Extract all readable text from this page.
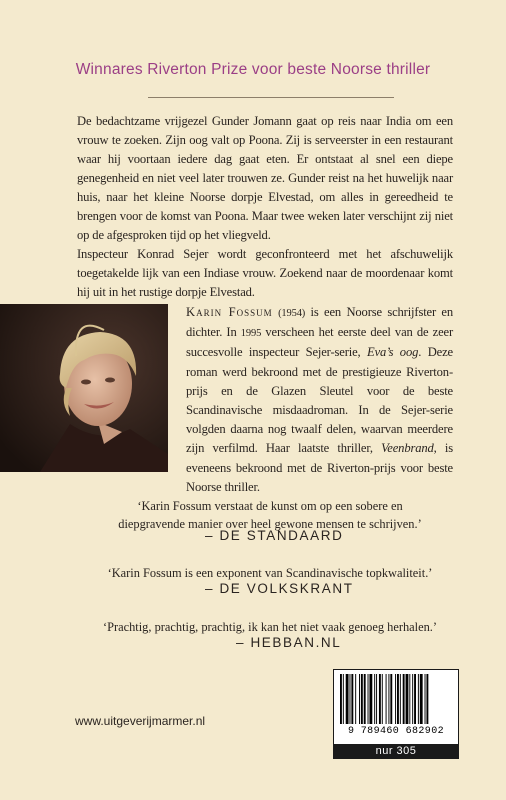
Winnares Riverton Prize voor beste Noorse thriller

De bedachtzame vrijgezel Gunder Jomann gaat op reis naar India om een vrouw te zoeken. Zijn oog valt op Poona. Zij is serveerster in een restaurant waar hij voortaan iedere dag gaat eten. Er ontstaat al snel een diepe genegenheid en niet veel later trouwen ze. Gunder reist na het huwelijk naar huis, naar het kleine Noorse dorpje Elvestad, om alles in gereedheid te brengen voor de komst van Poona. Maar twee weken later verschijnt zij niet op de afgesproken tijd op het vliegveld.

Inspecteur Konrad Sejer wordt geconfronteerd met het afschuwelijk toegetakelde lijk van een Indiase vrouw. Zoekend naar de moordenaar komt hij uit in het rustige dorpje Elvestad.

Karin Fossum (1954) is een Noorse schrijfster en dichter. In 1995 verscheen het eerste deel van de zeer succesvolle inspecteur Sejer-serie, Eva’s oog. Deze roman werd bekroond met de prestigieuze Riverton-prijs en de Glazen Sleutel voor de beste Scandinavische misdaadroman. In de Sejer-serie volgden daarna nog twaalf delen, waarvan meerdere zijn verfilmd. Haar laatste thriller, Veenbrand, is eveneens bekroond met de Riverton-prijs voor beste Noorse thriller.
‘Karin Fossum verstaat de kunst om op een sobere en
diepgravende manier over heel gewone mensen te schrijven.’
– DE STANDAARD
‘Karin Fossum is een exponent van Scandinavische topkwaliteit.’
– DE VOLKSKRANT
‘Prachtig, prachtig, prachtig, ik kan het niet vaak genoeg herhalen.’
– HEBBAN.NL
www.uitgeverijmarmer.nl
9 789460 682902
nur 305
